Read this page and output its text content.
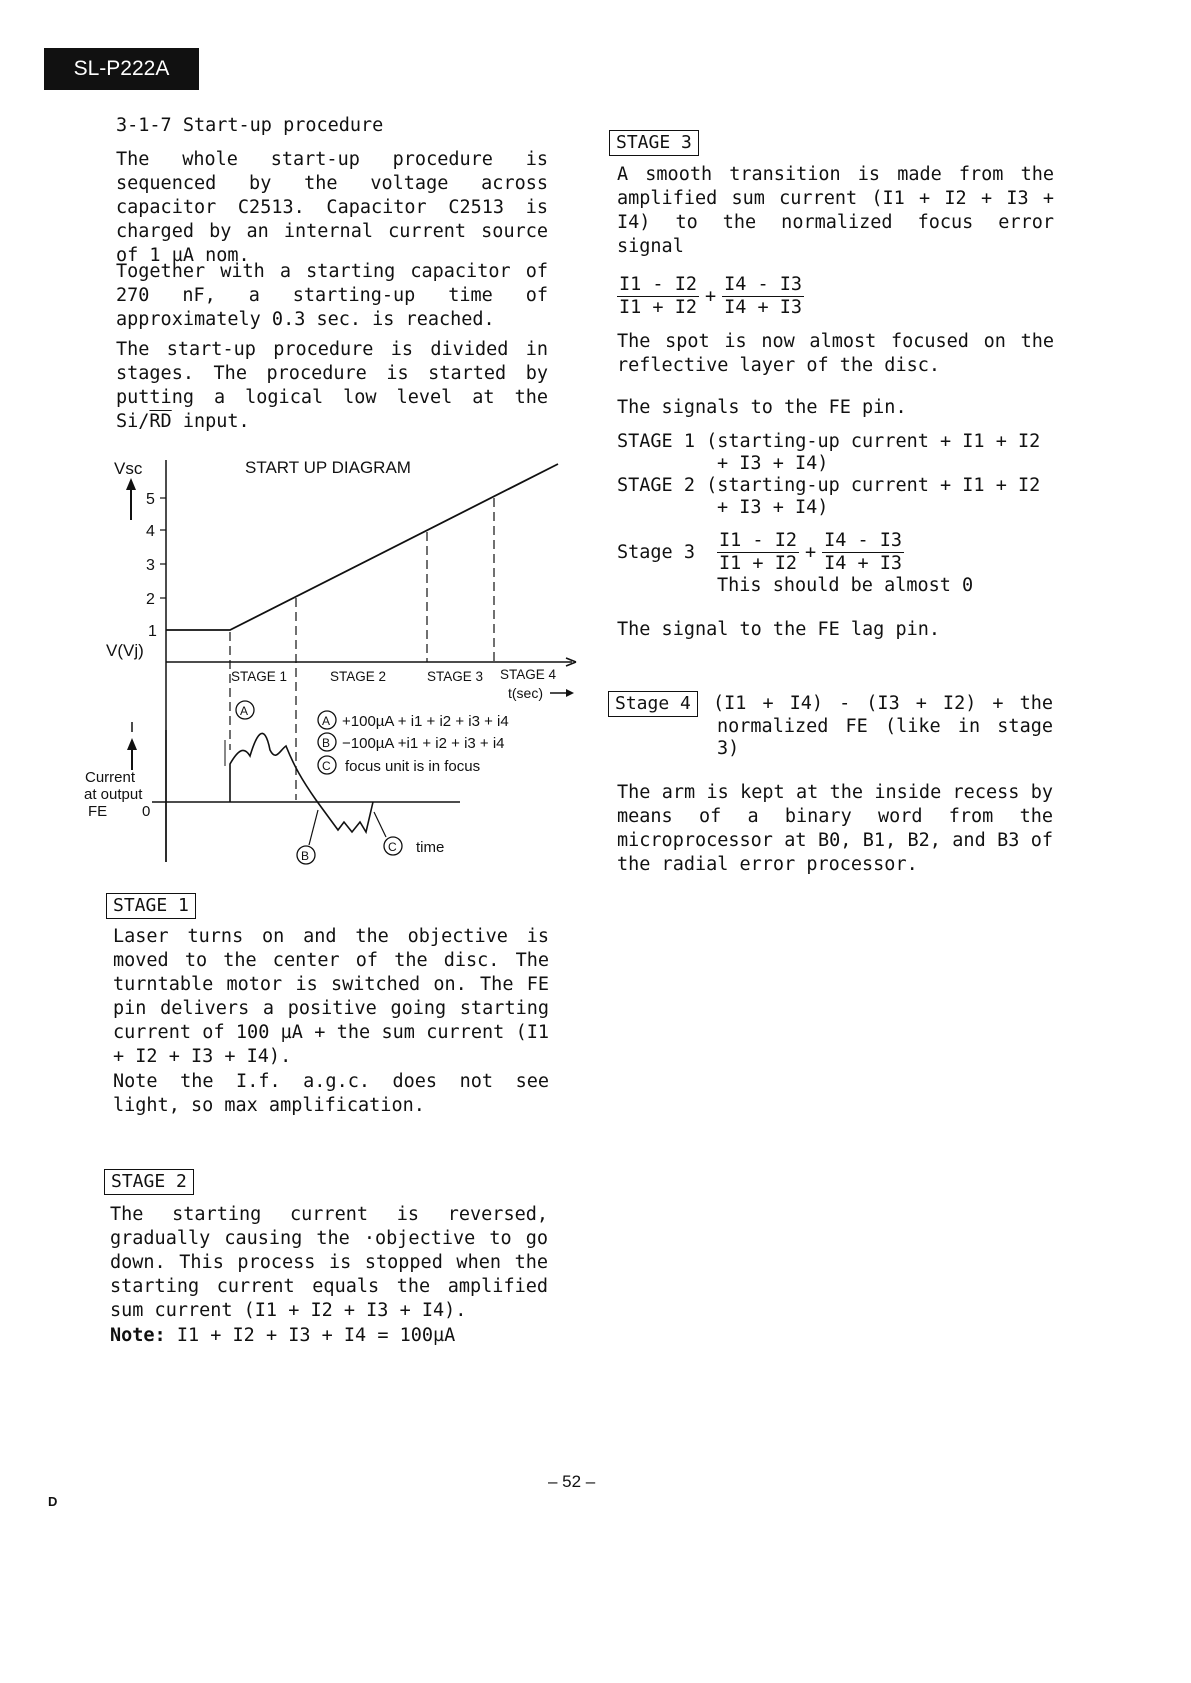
SL-P222A
3-1-7 Start-up procedure
The whole start-up procedure is
sequenced by the voltage across
capacitor C2513. Capacitor C2513 is
charged by an internal current source
of 1 µA nom.
Together with a starting capacitor of
270 nF, a starting-up time of
approximately 0.3 sec. is reached.
The start-up procedure is divided in
stages. The procedure is started by
putting a logical low level at the
$Si/\overline{RD}$ input.
Vsc
V(Vj)
5
4
3
2
1
START UP DIAGRAM
STAGE 1	STAGE 2	STAGE 3 STAGE 4
t(sec)
Current
at output
FE 0
A
B
C time
A +100µA + i1 + i2 + i3 + i4
B −100µA +i1 + i2 + i3 + i4
C focus unit is in focus
STAGE 1
Laser turns on and the objective is
moved to the center of the disc. The
turntable motor is switched on. The FE
pin delivers a positive going starting
current of 100 µA + the sum current (I1
+ I2 + I3 + I4).
Note the I.f. a.g.c. does not see
light, so max amplification.
STAGE 2
The starting current is reversed,
gradually causing the ·objective to go
down. This process is stopped when the
starting current equals the amplified
sum current (I1 + I2 + I3 + I4).
Note: I1 + I2 + I3 + I4 = 100µA
STAGE 3
A smooth transition is made from the
amplified sum current (I1 + I2 + I3 +
I4) to the normalized focus error
signal
$\frac{I1 - I2}{I1 + I2} + \frac{I4 - I3}{I4 + I3}$
The spot is now almost focused on the
reflective layer of the disc.
The signals to the FE pin.
STAGE 1 (starting-up current + I1 + I2
+ I3 + I4)
STAGE 2 (starting-up current + I1 + I2
+ I3 + I4)
Stage $3 \frac{I1 - I2}{I1 + I2} + \frac{I4 - I3}{I4 + I3}$
This should be almost 0
The signal to the FE lag pin.
Stage 4	(I1 + I4) - (I3 + I2) + the
normalized FE (like in stage
3)
The arm is kept at the inside recess by
means of a binary word from the
microprocessor at B0, B1, B2, and B3 of
the radial error processor.
– 52 –
D
